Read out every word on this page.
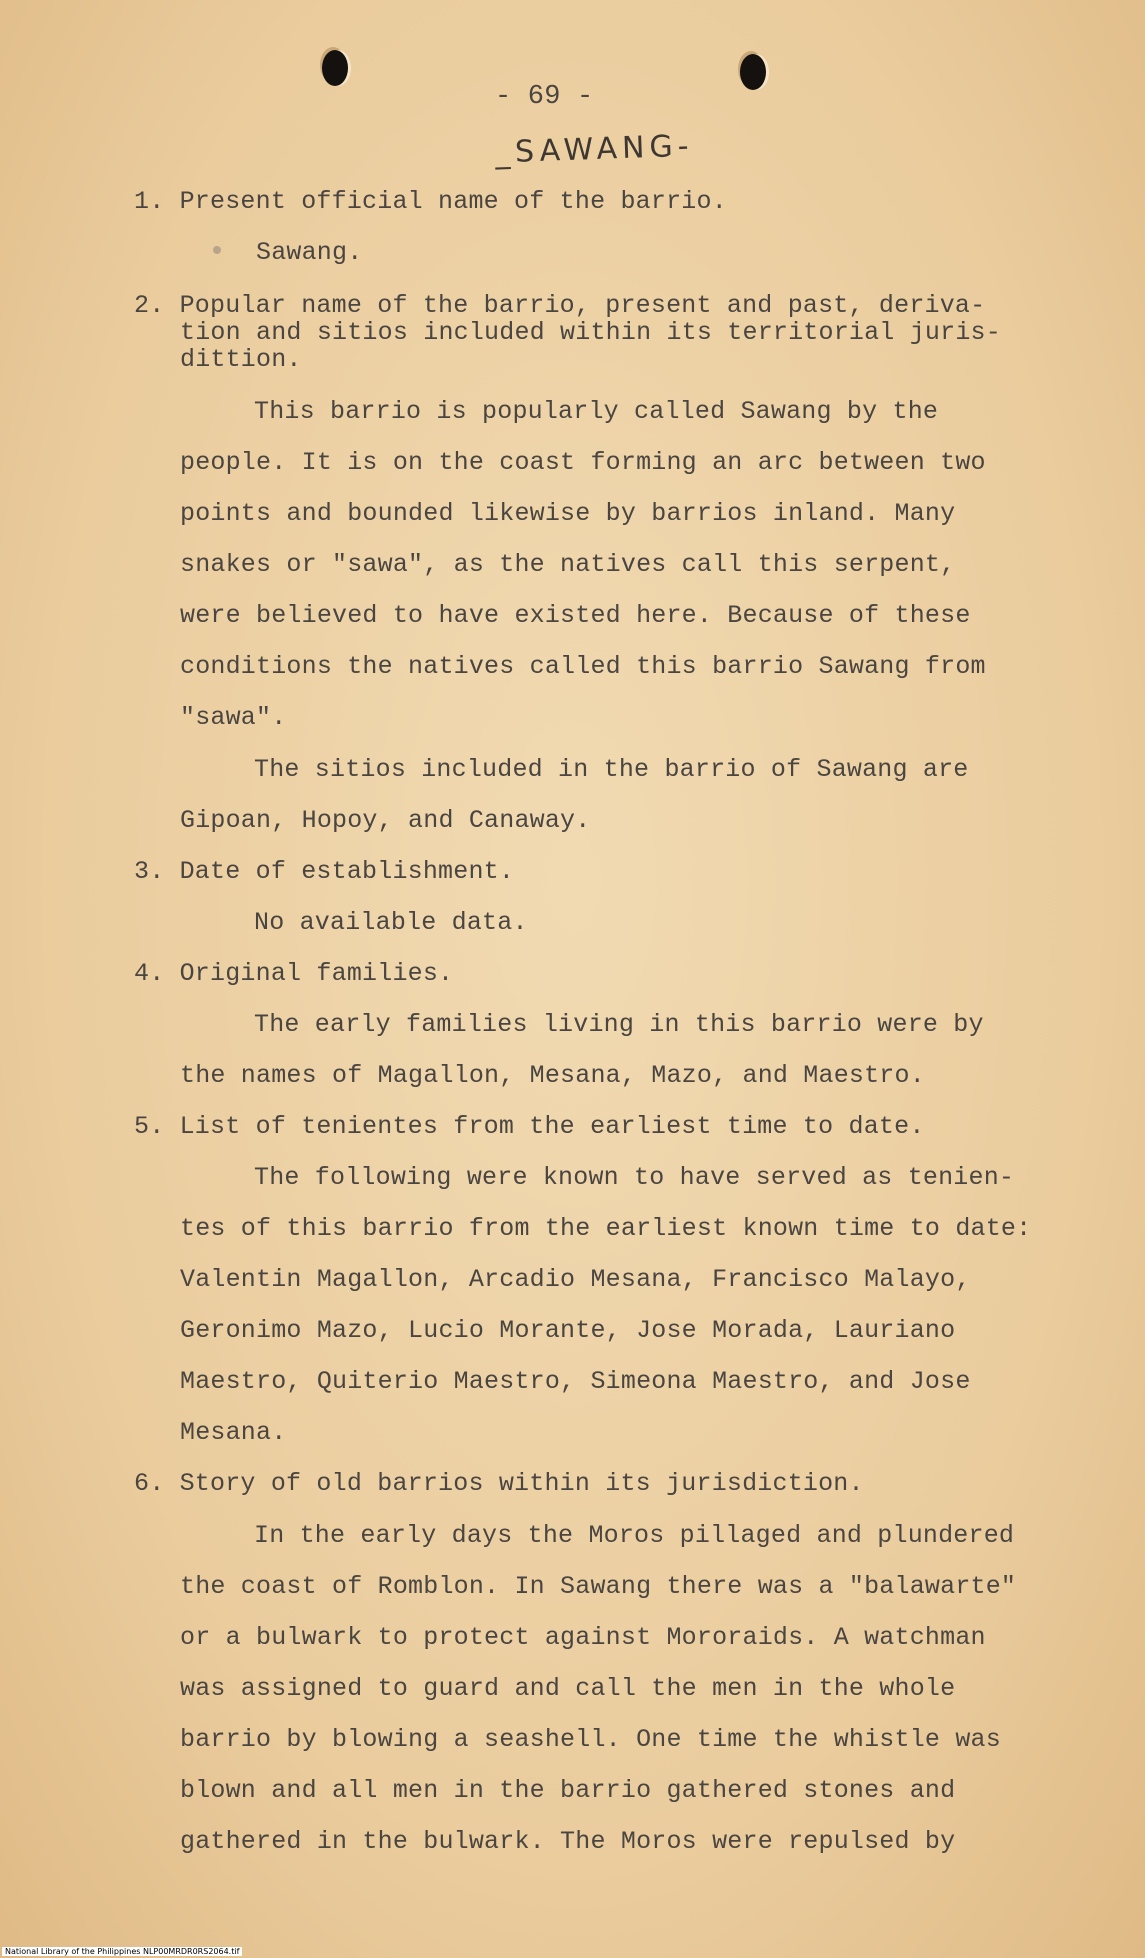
- 69 -
_SAWANG-
1. Present official name of the barrio.
Sawang.
2. Popular name of the barrio, present and past, deriva-
tion and sitios included within its territorial juris-
dittion.
This barrio is popularly called Sawang by the
people. It is on the coast forming an arc between two
points and bounded likewise by barrios inland. Many
snakes or "sawa", as the natives call this serpent,
were believed to have existed here. Because of these
conditions the natives called this barrio Sawang from
"sawa".
The sitios included in the barrio of Sawang are
Gipoan, Hopoy, and Canaway.
3. Date of establishment.
No available data.
4. Original families.
The early families living in this barrio were by
the names of Magallon, Mesana, Mazo, and Maestro.
5. List of tenientes from the earliest time to date.
The following were known to have served as tenien-
tes of this barrio from the earliest known time to date:
Valentin Magallon, Arcadio Mesana, Francisco Malayo,
Geronimo Mazo, Lucio Morante, Jose Morada, Lauriano
Maestro, Quiterio Maestro, Simeona Maestro, and Jose
Mesana.
6. Story of old barrios within its jurisdiction.
In the early days the Moros pillaged and plundered
the coast of Romblon. In Sawang there was a "balawarte"
or a bulwark to protect against Mororaids. A watchman
was assigned to guard and call the men in the whole
barrio by blowing a seashell. One time the whistle was
blown and all men in the barrio gathered stones and
gathered in the bulwark. The Moros were repulsed by
National Library of the Philippines NLP00MRDR0RS2064.tif
